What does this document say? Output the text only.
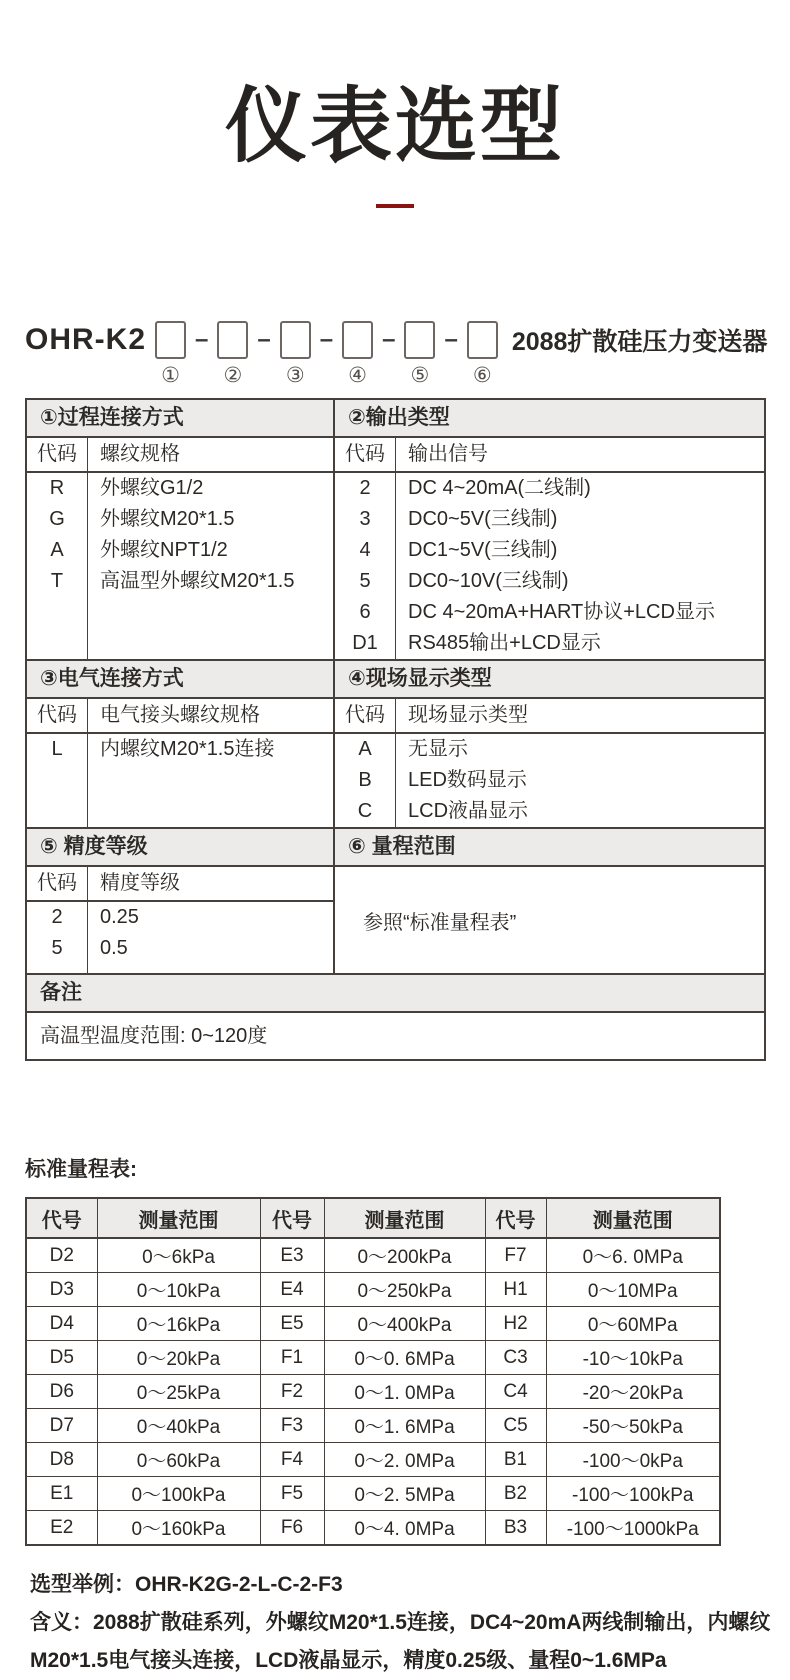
仪表选型
OHR-K2 – – – – – 2088扩散硅压力变送器
① ② ③ ④ ⑤ ⑥
①过程连接方式	②输出类型
代码	螺纹规格
R	外螺纹G1/2
G	外螺纹M20*1.5
A	外螺纹NPT1/2
T	高温型外螺纹M20*1.5
代码	输出信号
2	DC 4~20mA(二线制)
3	DC0~5V(三线制)
4	DC1~5V(三线制)
5	DC0~10V(三线制)
6	DC 4~20mA+HART协议+LCD显示
D1	RS485输出+LCD显示
③电气连接方式	④现场显示类型
代码	电气接头螺纹规格
L	内螺纹M20*1.5连接
代码	现场显示类型
A	无显示
B	LED数码显示
C	LCD液晶显示
⑤ 精度等级	⑥ 量程范围
代码	精度等级
2	0.25
5	0.5
参照“标准量程表”
备注
高温型温度范围: 0~120度
标准量程表:
代号	测量范围	代号	测量范围	代号	测量范围
D2	0～6kPa	E3	0～200kPa	F7	0～6. 0MPa
D3	0～10kPa	E4	0～250kPa	H1	0～10MPa
D4	0～16kPa	E5	0～400kPa	H2	0～60MPa
D5	0～20kPa	F1	0～0. 6MPa	C3	-10～10kPa
D6	0～25kPa	F2	0～1. 0MPa	C4	-20～20kPa
D7	0～40kPa	F3	0～1. 6MPa	C5	-50～50kPa
D8	0～60kPa	F4	0～2. 0MPa	B1	-100～0kPa
E1	0～100kPa	F5	0～2. 5MPa	B2	-100～100kPa
E2	0～160kPa	F6	0～4. 0MPa	B3	-100～1000kPa

选型举例：OHR-K2G-2-L-C-2-F3

含义：2088扩散硅系列，外螺纹M20*1.5连接，DC4~20mA两线制输出，内螺纹M20*1.5电气接头连接，LCD液晶显示，精度0.25级、量程0~1.6MPa
